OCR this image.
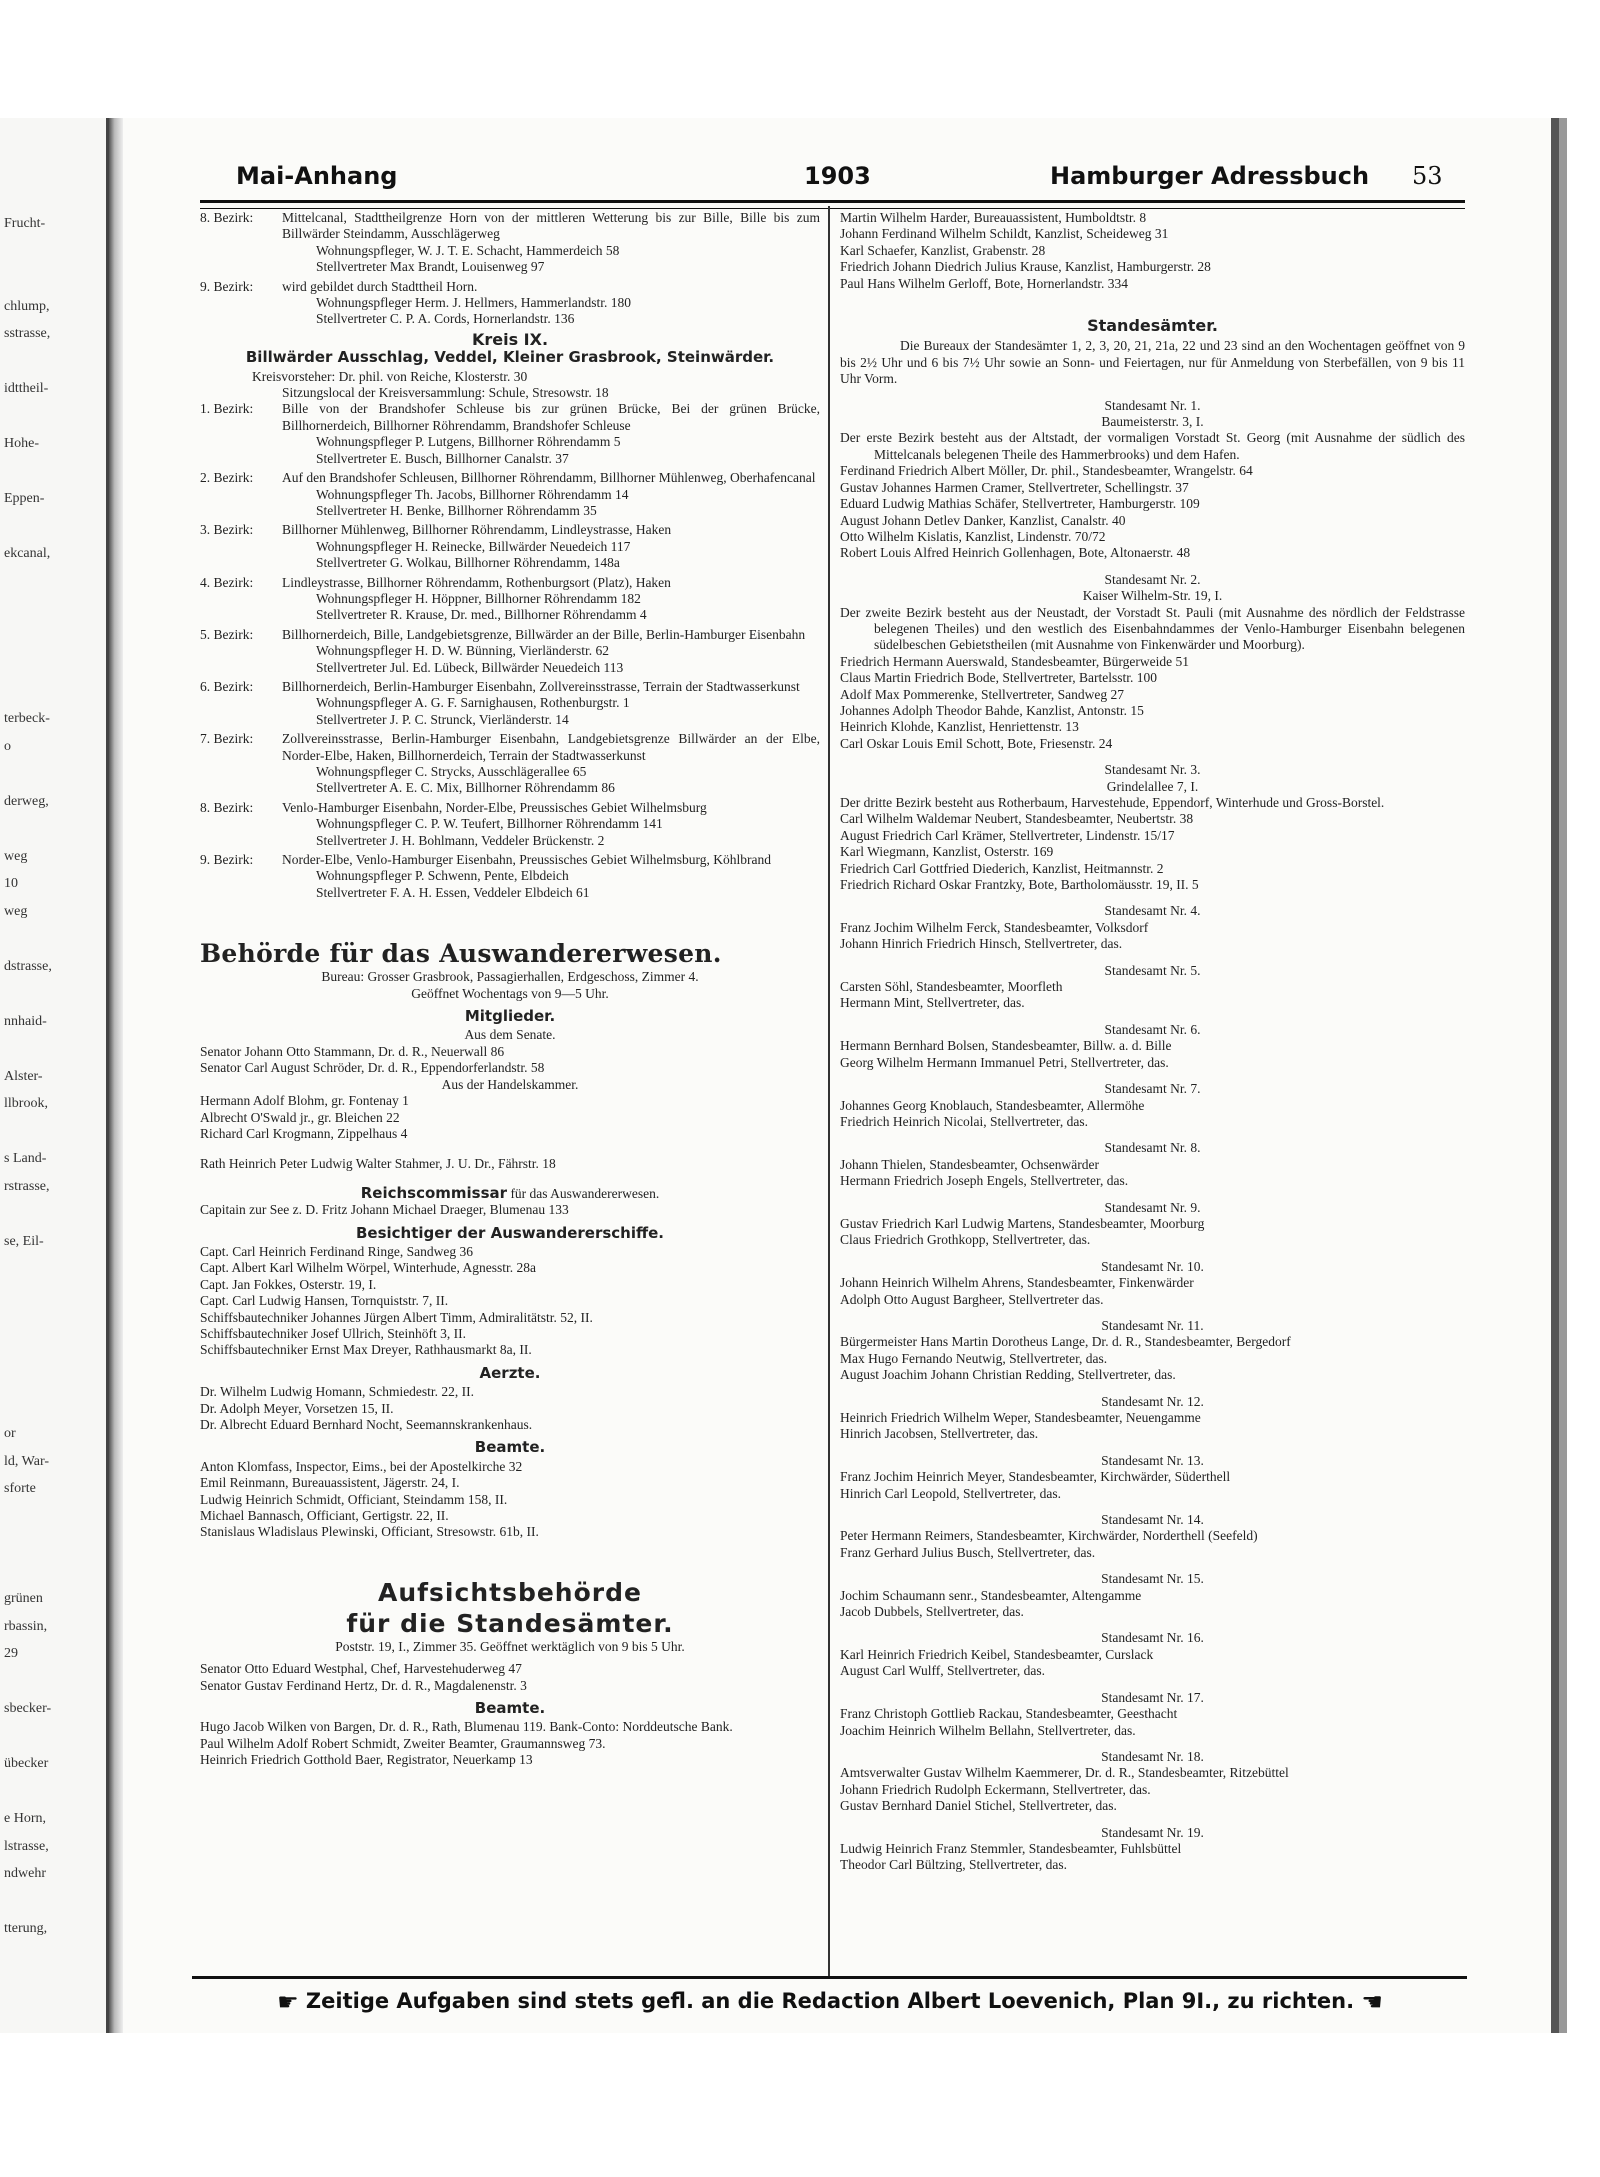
Frucht-
chlump,
sstrasse,
idttheil-
Hohe-
Eppen-
ekcanal,
terbeck-
o
derweg,
weg
10
weg
dstrasse,
nnhaid-
Alster-
llbrook,
s Land-
rstrasse,
se, Eil-
or
ld, War-
sforte
grünen
rbassin,
29
sbecker-
übecker
e Horn,
lstrasse,
ndwehr
tterung,
Mai-Anhang	1903	Hamburger Adressbuch 53
8. Bezirk:	Mittelcanal, Stadttheilgrenze Horn von der mittleren Wetterung bis zur Bille, Bille bis zum Billwärder Steindamm, Ausschlägerweg
Wohnungspfleger, W. J. T. E. Schacht, Hammerdeich 58
Stellvertreter Max Brandt, Louisenweg 97
9. Bezirk:	wird gebildet durch Stadttheil Horn.
Wohnungspfleger Herm. J. Hellmers, Hammerlandstr. 180
Stellvertreter C. P. A. Cords, Hornerlandstr. 136
Kreis IX.
Billwärder Ausschlag, Veddel, Kleiner Grasbrook, Steinwärder.
Kreisvorsteher: Dr. phil. von Reiche, Klosterstr. 30
Sitzungslocal der Kreisversammlung: Schule, Stresowstr. 18
1. Bezirk:	Bille von der Brandshofer Schleuse bis zur grünen Brücke, Bei der grünen Brücke, Billhornerdeich, Billhorner Röhrendamm, Brandshofer Schleuse
Wohnungspfleger P. Lutgens, Billhorner Röhrendamm 5
Stellvertreter E. Busch, Billhorner Canalstr. 37
2. Bezirk:	Auf den Brandshofer Schleusen, Billhorner Röhrendamm, Billhorner Mühlenweg, Oberhafencanal
Wohnungspfleger Th. Jacobs, Billhorner Röhrendamm 14
Stellvertreter H. Benke, Billhorner Röhrendamm 35
3. Bezirk:	Billhorner Mühlenweg, Billhorner Röhrendamm, Lindleystrasse, Haken
Wohnungspfleger H. Reinecke, Billwärder Neuedeich 117
Stellvertreter G. Wolkau, Billhorner Röhrendamm, 148a
4. Bezirk:	Lindleystrasse, Billhorner Röhrendamm, Rothenburgsort (Platz), Haken
Wohnungspfleger H. Höppner, Billhorner Röhrendamm 182
Stellvertreter R. Krause, Dr. med., Billhorner Röhrendamm 4
5. Bezirk:	Billhornerdeich, Bille, Landgebietsgrenze, Billwärder an der Bille, Berlin-Hamburger Eisenbahn
Wohnungspfleger H. D. W. Bünning, Vierländerstr. 62
Stellvertreter Jul. Ed. Lübeck, Billwärder Neuedeich 113
6. Bezirk:	Billhornerdeich, Berlin-Hamburger Eisenbahn, Zollvereinsstrasse, Terrain der Stadtwasserkunst
Wohnungspfleger A. G. F. Sarnighausen, Rothenburgstr. 1
Stellvertreter J. P. C. Strunck, Vierländerstr. 14
7. Bezirk:	Zollvereinsstrasse, Berlin-Hamburger Eisenbahn, Landgebietsgrenze Billwärder an der Elbe, Norder-Elbe, Haken, Billhornerdeich, Terrain der Stadtwasserkunst
Wohnungspfleger C. Strycks, Ausschlägerallee 65
Stellvertreter A. E. C. Mix, Billhorner Röhrendamm 86
8. Bezirk:	Venlo-Hamburger Eisenbahn, Norder-Elbe, Preussisches Gebiet Wilhelmsburg
Wohnungspfleger C. P. W. Teufert, Billhorner Röhrendamm 141
Stellvertreter J. H. Bohlmann, Veddeler Brückenstr. 2
9. Bezirk:	Norder-Elbe, Venlo-Hamburger Eisenbahn, Preussisches Gebiet Wilhelmsburg, Köhlbrand
Wohnungspfleger P. Schwenn, Pente, Elbdeich
Stellvertreter F. A. H. Essen, Veddeler Elbdeich 61
Behörde für das Auswandererwesen.
Bureau: Grosser Grasbrook, Passagierhallen, Erdgeschoss, Zimmer 4.
Geöffnet Wochentags von 9—5 Uhr.
Mitglieder.
Aus dem Senate.
Senator Johann Otto Stammann, Dr. d. R., Neuerwall 86
Senator Carl August Schröder, Dr. d. R., Eppendorferlandstr. 58
Aus der Handelskammer.
Hermann Adolf Blohm, gr. Fontenay 1
Albrecht O'Swald jr., gr. Bleichen 22
Richard Carl Krogmann, Zippelhaus 4
Rath Heinrich Peter Ludwig Walter Stahmer, J. U. Dr., Fährstr. 18
Reichscommissar für das Auswandererwesen.
Capitain zur See z. D. Fritz Johann Michael Draeger, Blumenau 133
Besichtiger der Auswandererschiffe.
Capt. Carl Heinrich Ferdinand Ringe, Sandweg 36
Capt. Albert Karl Wilhelm Wörpel, Winterhude, Agnesstr. 28a
Capt. Jan Fokkes, Osterstr. 19, I.
Capt. Carl Ludwig Hansen, Tornquiststr. 7, II.
Schiffsbautechniker Johannes Jürgen Albert Timm, Admiralitätstr. 52, II.
Schiffsbautechniker Josef Ullrich, Steinhöft 3, II.
Schiffsbautechniker Ernst Max Dreyer, Rathhausmarkt 8a, II.
Aerzte.
Dr. Wilhelm Ludwig Homann, Schmiedestr. 22, II.
Dr. Adolph Meyer, Vorsetzen 15, II.
Dr. Albrecht Eduard Bernhard Nocht, Seemannskrankenhaus.
Beamte.
Anton Klomfass, Inspector, Eims., bei der Apostelkirche 32
Emil Reinmann, Bureauassistent, Jägerstr. 24, I.
Ludwig Heinrich Schmidt, Officiant, Steindamm 158, II.
Michael Bannasch, Officiant, Gertigstr. 22, II.
Stanislaus Wladislaus Plewinski, Officiant, Stresowstr. 61b, II.
Aufsichtsbehörde
für die Standesämter.
Poststr. 19, I., Zimmer 35. Geöffnet werktäglich von 9 bis 5 Uhr.
Senator Otto Eduard Westphal, Chef, Harvestehuderweg 47
Senator Gustav Ferdinand Hertz, Dr. d. R., Magdalenenstr. 3
Beamte.
Hugo Jacob Wilken von Bargen, Dr. d. R., Rath, Blumenau 119. Bank-Conto: Norddeutsche Bank.
Paul Wilhelm Adolf Robert Schmidt, Zweiter Beamter, Graumannsweg 73.
Heinrich Friedrich Gotthold Baer, Registrator, Neuerkamp 13
Martin Wilhelm Harder, Bureauassistent, Humboldtstr. 8
Johann Ferdinand Wilhelm Schildt, Kanzlist, Scheideweg 31
Karl Schaefer, Kanzlist, Grabenstr. 28
Friedrich Johann Diedrich Julius Krause, Kanzlist, Hamburgerstr. 28
Paul Hans Wilhelm Gerloff, Bote, Hornerlandstr. 334
Standesämter.
Die Bureaux der Standesämter 1, 2, 3, 20, 21, 21a, 22 und 23 sind an den Wochentagen geöffnet von 9 bis 2½ Uhr und 6 bis 7½ Uhr sowie an Sonn- und Feiertagen, nur für Anmeldung von Sterbefällen, von 9 bis 11 Uhr Vorm.
Standesamt Nr. 1.
Baumeisterstr. 3, I.
Der erste Bezirk besteht aus der Altstadt, der vormaligen Vorstadt St. Georg (mit Ausnahme der südlich des Mittelcanals belegenen Theile des Hammerbrooks) und dem Hafen.
Ferdinand Friedrich Albert Möller, Dr. phil., Standesbeamter, Wrangelstr. 64
Gustav Johannes Harmen Cramer, Stellvertreter, Schellingstr. 37
Eduard Ludwig Mathias Schäfer, Stellvertreter, Hamburgerstr. 109
August Johann Detlev Danker, Kanzlist, Canalstr. 40
Otto Wilhelm Kislatis, Kanzlist, Lindenstr. 70/72
Robert Louis Alfred Heinrich Gollenhagen, Bote, Altonaerstr. 48
Standesamt Nr. 2.
Kaiser Wilhelm-Str. 19, I.
Der zweite Bezirk besteht aus der Neustadt, der Vorstadt St. Pauli (mit Ausnahme des nördlich der Feldstrasse belegenen Theiles) und den westlich des Eisenbahndammes der Venlo-Hamburger Eisenbahn belegenen südelbeschen Gebietstheilen (mit Ausnahme von Finkenwärder und Moorburg).
Friedrich Hermann Auerswald, Standesbeamter, Bürgerweide 51
Claus Martin Friedrich Bode, Stellvertreter, Bartelsstr. 100
Adolf Max Pommerenke, Stellvertreter, Sandweg 27
Johannes Adolph Theodor Bahde, Kanzlist, Antonstr. 15
Heinrich Klohde, Kanzlist, Henriettenstr. 13
Carl Oskar Louis Emil Schott, Bote, Friesenstr. 24
Standesamt Nr. 3.
Grindelallee 7, I.
Der dritte Bezirk besteht aus Rotherbaum, Harvestehude, Eppendorf, Winterhude und Gross-Borstel.
Carl Wilhelm Waldemar Neubert, Standesbeamter, Neubertstr. 38
August Friedrich Carl Krämer, Stellvertreter, Lindenstr. 15/17
Karl Wiegmann, Kanzlist, Osterstr. 169
Friedrich Carl Gottfried Diederich, Kanzlist, Heitmannstr. 2
Friedrich Richard Oskar Frantzky, Bote, Bartholomäusstr. 19, II. 5
Standesamt Nr. 4.
Franz Jochim Wilhelm Ferck, Standesbeamter, Volksdorf
Johann Hinrich Friedrich Hinsch, Stellvertreter, das.
Standesamt Nr. 5.
Carsten Söhl, Standesbeamter, Moorfleth
Hermann Mint, Stellvertreter, das.
Standesamt Nr. 6.
Hermann Bernhard Bolsen, Standesbeamter, Billw. a. d. Bille
Georg Wilhelm Hermann Immanuel Petri, Stellvertreter, das.
Standesamt Nr. 7.
Johannes Georg Knoblauch, Standesbeamter, Allermöhe
Friedrich Heinrich Nicolai, Stellvertreter, das.
Standesamt Nr. 8.
Johann Thielen, Standesbeamter, Ochsenwärder
Hermann Friedrich Joseph Engels, Stellvertreter, das.
Standesamt Nr. 9.
Gustav Friedrich Karl Ludwig Martens, Standesbeamter, Moorburg
Claus Friedrich Grothkopp, Stellvertreter, das.
Standesamt Nr. 10.
Johann Heinrich Wilhelm Ahrens, Standesbeamter, Finkenwärder
Adolph Otto August Bargheer, Stellvertreter das.
Standesamt Nr. 11.
Bürgermeister Hans Martin Dorotheus Lange, Dr. d. R., Standesbeamter, Bergedorf
Max Hugo Fernando Neutwig, Stellvertreter, das.
August Joachim Johann Christian Redding, Stellvertreter, das.
Standesamt Nr. 12.
Heinrich Friedrich Wilhelm Weper, Standesbeamter, Neuengamme
Hinrich Jacobsen, Stellvertreter, das.
Standesamt Nr. 13.
Franz Jochim Heinrich Meyer, Standesbeamter, Kirchwärder, Süderthell
Hinrich Carl Leopold, Stellvertreter, das.
Standesamt Nr. 14.
Peter Hermann Reimers, Standesbeamter, Kirchwärder, Norderthell (Seefeld)
Franz Gerhard Julius Busch, Stellvertreter, das.
Standesamt Nr. 15.
Jochim Schaumann senr., Standesbeamter, Altengamme
Jacob Dubbels, Stellvertreter, das.
Standesamt Nr. 16.
Karl Heinrich Friedrich Keibel, Standesbeamter, Curslack
August Carl Wulff, Stellvertreter, das.
Standesamt Nr. 17.
Franz Christoph Gottlieb Rackau, Standesbeamter, Geesthacht
Joachim Heinrich Wilhelm Bellahn, Stellvertreter, das.
Standesamt Nr. 18.
Amtsverwalter Gustav Wilhelm Kaemmerer, Dr. d. R., Standesbeamter, Ritzebüttel
Johann Friedrich Rudolph Eckermann, Stellvertreter, das.
Gustav Bernhard Daniel Stichel, Stellvertreter, das.
Standesamt Nr. 19.
Ludwig Heinrich Franz Stemmler, Standesbeamter, Fuhlsbüttel
Theodor Carl Bültzing, Stellvertreter, das.
☛ Zeitige Aufgaben sind stets gefl. an die Redaction Albert Loevenich, Plan 9I., zu richten. ☚
